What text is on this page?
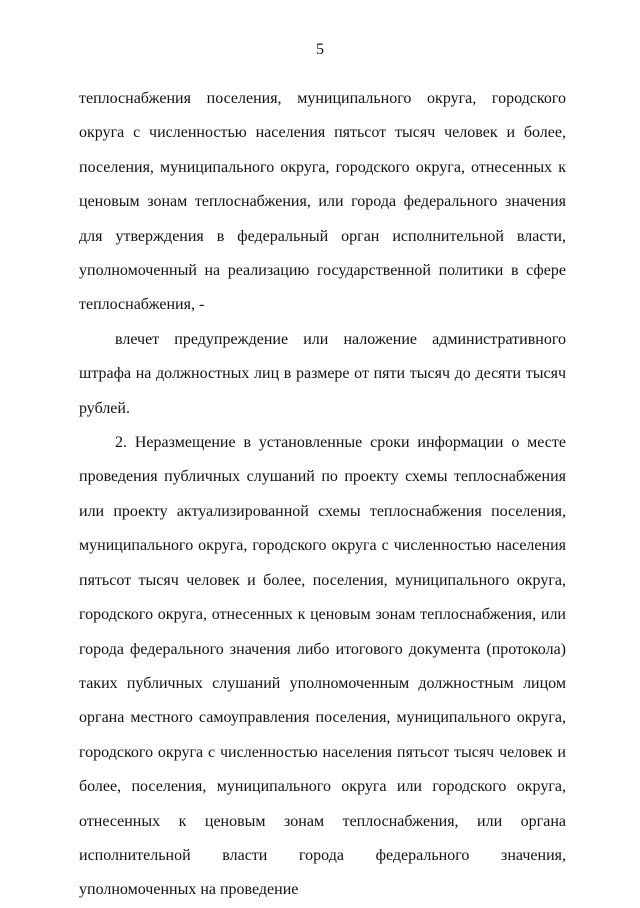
5

теплоснабжения поселения, муниципального округа, городского округа с численностью населения пятьсот тысяч человек и более, поселения, муниципального округа, городского округа, отнесенных к ценовым зонам теплоснабжения, или города федерального значения для утверждения в федеральный орган исполнительной власти, уполномоченный на реализацию государственной политики в сфере теплоснабжения, -

влечет предупреждение или наложение административного штрафа на должностных лиц в размере от пяти тысяч до десяти тысяч рублей.

2. Неразмещение в установленные сроки информации о месте проведения публичных слушаний по проекту схемы теплоснабжения или проекту актуализированной схемы теплоснабжения поселения, муниципального округа, городского округа с численностью населения пятьсот тысяч человек и более, поселения, муниципального округа, городского округа, отнесенных к ценовым зонам теплоснабжения, или города федерального значения либо итогового документа (протокола) таких публичных слушаний уполномоченным должностным лицом органа местного самоуправления поселения, муниципального округа, городского округа с численностью населения пятьсот тысяч человек и более, поселения, муниципального округа или городского округа, отнесенных к ценовым зонам теплоснабжения, или органа исполнительной власти города федерального значения, уполномоченных на проведение
